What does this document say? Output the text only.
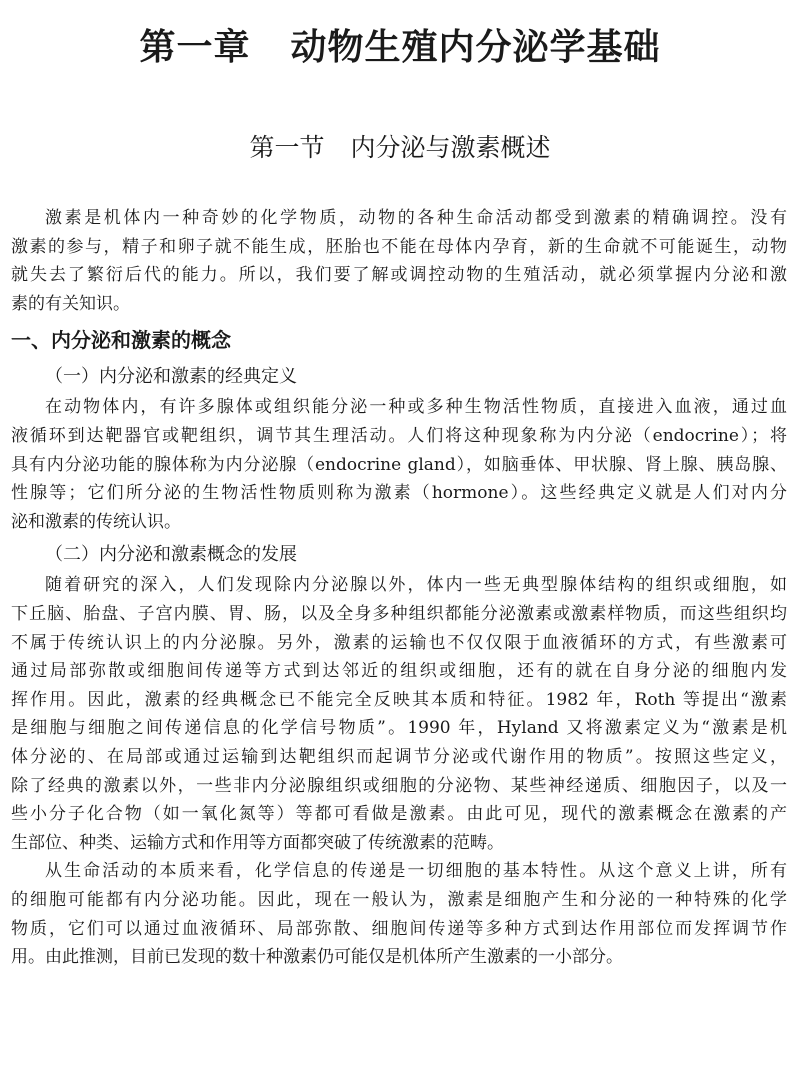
第一章 动物生殖内分泌学基础
第一节 内分泌与激素概述
激素是机体内一种奇妙的化学物质，动物的各种生命活动都受到激素的精确调控。没有
激素的参与，精子和卵子就不能生成，胚胎也不能在母体内孕育，新的生命就不可能诞生，动物
就失去了繁衍后代的能力。所以，我们要了解或调控动物的生殖活动，就必须掌握内分泌和激
素的有关知识。
一、内分泌和激素的概念
（一）内分泌和激素的经典定义
在动物体内，有许多腺体或组织能分泌一种或多种生物活性物质，直接进入血液，通过血
液循环到达靶器官或靶组织，调节其生理活动。人们将这种现象称为内分泌（endocrine）；将
具有内分泌功能的腺体称为内分泌腺（endocrine gland），如脑垂体、甲状腺、肾上腺、胰岛腺、
性腺等；它们所分泌的生物活性物质则称为激素（hormone）。这些经典定义就是人们对内分
泌和激素的传统认识。
（二）内分泌和激素概念的发展
随着研究的深入，人们发现除内分泌腺以外，体内一些无典型腺体结构的组织或细胞，如
下丘脑、胎盘、子宫内膜、胃、肠，以及全身多种组织都能分泌激素或激素样物质，而这些组织均
不属于传统认识上的内分泌腺。另外，激素的运输也不仅仅限于血液循环的方式，有些激素可
通过局部弥散或细胞间传递等方式到达邻近的组织或细胞，还有的就在自身分泌的细胞内发
挥作用。因此，激素的经典概念已不能完全反映其本质和特征。1982 年，Roth 等提出“激素
是细胞与细胞之间传递信息的化学信号物质”。1990 年，Hyland 又将激素定义为“激素是机
体分泌的、在局部或通过运输到达靶组织而起调节分泌或代谢作用的物质”。按照这些定义，
除了经典的激素以外，一些非内分泌腺组织或细胞的分泌物、某些神经递质、细胞因子，以及一
些小分子化合物（如一氧化氮等）等都可看做是激素。由此可见，现代的激素概念在激素的产
生部位、种类、运输方式和作用等方面都突破了传统激素的范畴。
从生命活动的本质来看，化学信息的传递是一切细胞的基本特性。从这个意义上讲，所有
的细胞可能都有内分泌功能。因此，现在一般认为，激素是细胞产生和分泌的一种特殊的化学
物质，它们可以通过血液循环、局部弥散、细胞间传递等多种方式到达作用部位而发挥调节作
用。由此推测，目前已发现的数十种激素仍可能仅是机体所产生激素的一小部分。
